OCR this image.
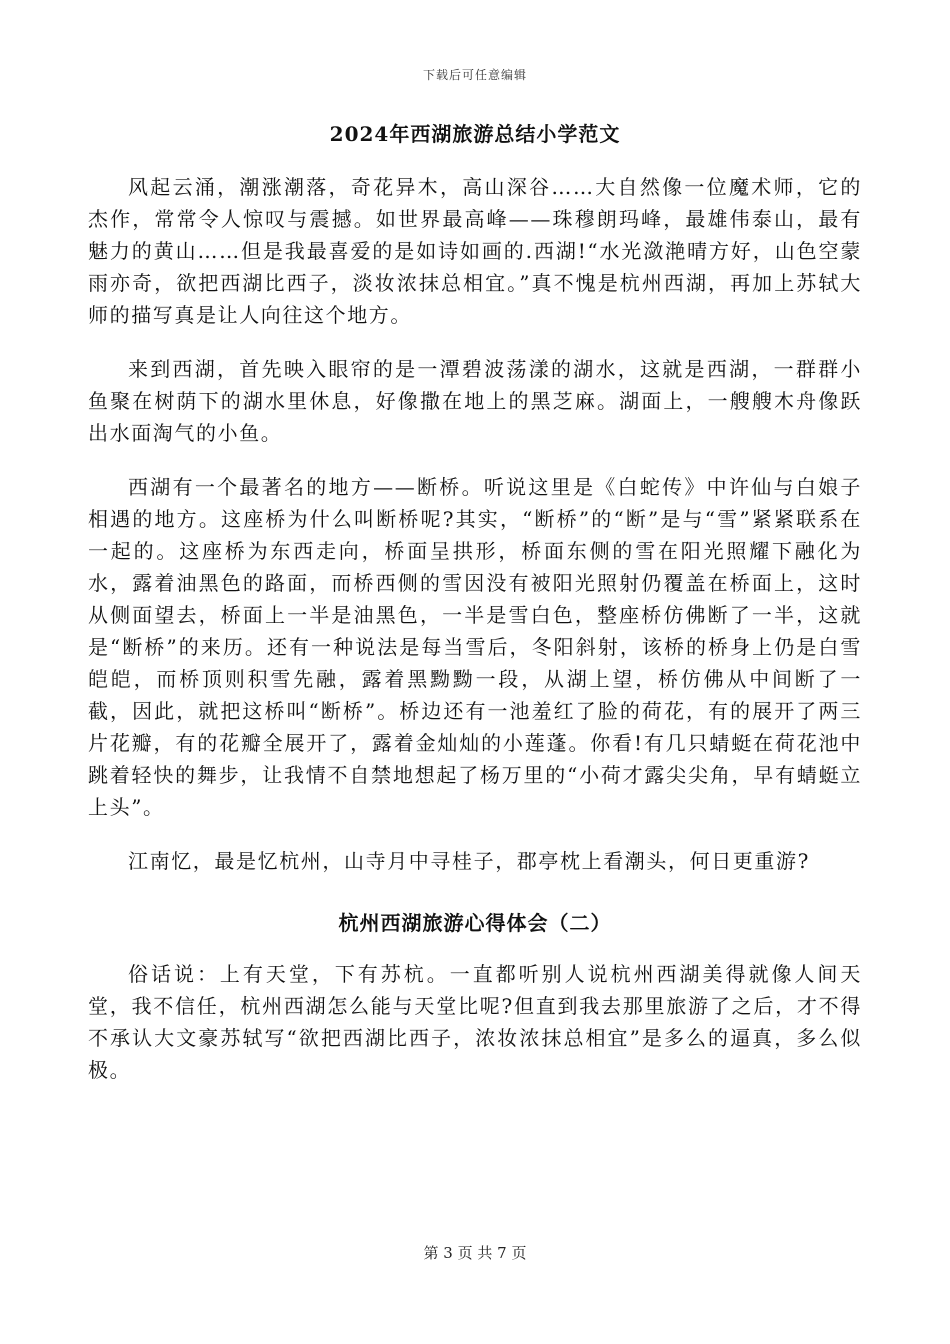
下载后可任意编辑
2024年西湖旅游总结小学范文

风起云涌，潮涨潮落，奇花异木，高山深谷……大自然像一位魔术师，它的杰作，常常令人惊叹与震撼。如世界最高峰——珠穆朗玛峰，最雄伟泰山，最有魅力的黄山……但是我最喜爱的是如诗如画的.西湖!“水光潋滟晴方好，山色空蒙雨亦奇，欲把西湖比西子，淡妆浓抹总相宜。”真不愧是杭州西湖，再加上苏轼大师的描写真是让人向往这个地方。

来到西湖，首先映入眼帘的是一潭碧波荡漾的湖水，这就是西湖，一群群小鱼聚在树荫下的湖水里休息，好像撒在地上的黑芝麻。湖面上，一艘艘木舟像跃出水面淘气的小鱼。

西湖有一个最著名的地方——断桥。听说这里是《白蛇传》中许仙与白娘子相遇的地方。这座桥为什么叫断桥呢?其实，“断桥”的“断”是与“雪”紧紧联系在一起的。这座桥为东西走向，桥面呈拱形，桥面东侧的雪在阳光照耀下融化为水，露着油黑色的路面，而桥西侧的雪因没有被阳光照射仍覆盖在桥面上，这时从侧面望去，桥面上一半是油黑色，一半是雪白色，整座桥仿佛断了一半，这就是“断桥”的来历。还有一种说法是每当雪后，冬阳斜射，该桥的桥身上仍是白雪皑皑，而桥顶则积雪先融，露着黑黝黝一段，从湖上望，桥仿佛从中间断了一截，因此，就把这桥叫“断桥”。桥边还有一池羞红了脸的荷花，有的展开了两三片花瓣，有的花瓣全展开了，露着金灿灿的小莲蓬。你看!有几只蜻蜓在荷花池中跳着轻快的舞步，让我情不自禁地想起了杨万里的“小荷才露尖尖角，早有蜻蜓立上头”。

江南忆，最是忆杭州，山寺月中寻桂子，郡亭枕上看潮头，何日更重游?

杭州西湖旅游心得体会（二）

俗话说：上有天堂，下有苏杭。一直都听别人说杭州西湖美得就像人间天堂，我不信任，杭州西湖怎么能与天堂比呢?但直到我去那里旅游了之后，才不得不承认大文豪苏轼写“欲把西湖比西子，浓妆浓抹总相宜”是多么的逼真，多么似极。

第 3 页 共 7 页
